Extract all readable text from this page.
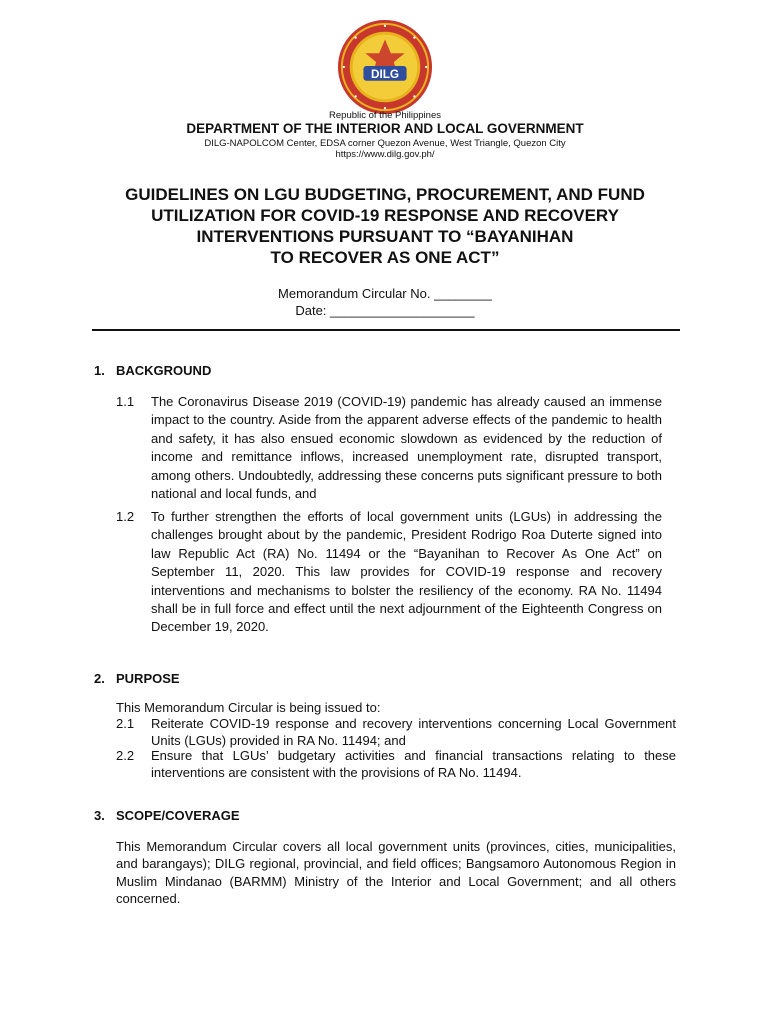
DILG
Republic of the Philippines
DEPARTMENT OF THE INTERIOR AND LOCAL GOVERNMENT
DILG-NAPOLCOM Center, EDSA corner Quezon Avenue, West Triangle, Quezon City
https://www.dilg.gov.ph/
GUIDELINES ON LGU BUDGETING, PROCUREMENT, AND FUND
UTILIZATION FOR COVID-19 RESPONSE AND RECOVERY
INTERVENTIONS PURSUANT TO “BAYANIHAN
TO RECOVER AS ONE ACT”
Memorandum Circular No. ________
Date: ____________________
1. BACKGROUND
1.1 The Coronavirus Disease 2019 (COVID-19) pandemic has already caused an immense impact to the country. Aside from the apparent adverse effects of the pandemic to health and safety, it has also ensued economic slowdown as evidenced by the reduction of income and remittance inflows, increased unemployment rate, disrupted transport, among others. Undoubtedly, addressing these concerns puts significant pressure to both national and local funds, and
1.2 To further strengthen the efforts of local government units (LGUs) in addressing the challenges brought about by the pandemic, President Rodrigo Roa Duterte signed into law Republic Act (RA) No. 11494 or the “Bayanihan to Recover As One Act” on September 11, 2020. This law provides for COVID-19 response and recovery interventions and mechanisms to bolster the resiliency of the economy. RA No. 11494 shall be in full force and effect until the next adjournment of the Eighteenth Congress on December 19, 2020.
2. PURPOSE
This Memorandum Circular is being issued to:
2.1 Reiterate COVID-19 response and recovery interventions concerning Local Government Units (LGUs) provided in RA No. 11494; and
2.2 Ensure that LGUs’ budgetary activities and financial transactions relating to these interventions are consistent with the provisions of RA No. 11494.
3. SCOPE/COVERAGE
This Memorandum Circular covers all local government units (provinces, cities, municipalities, and barangays); DILG regional, provincial, and field offices; Bangsamoro Autonomous Region in Muslim Mindanao (BARMM) Ministry of the Interior and Local Government; and all others concerned.
